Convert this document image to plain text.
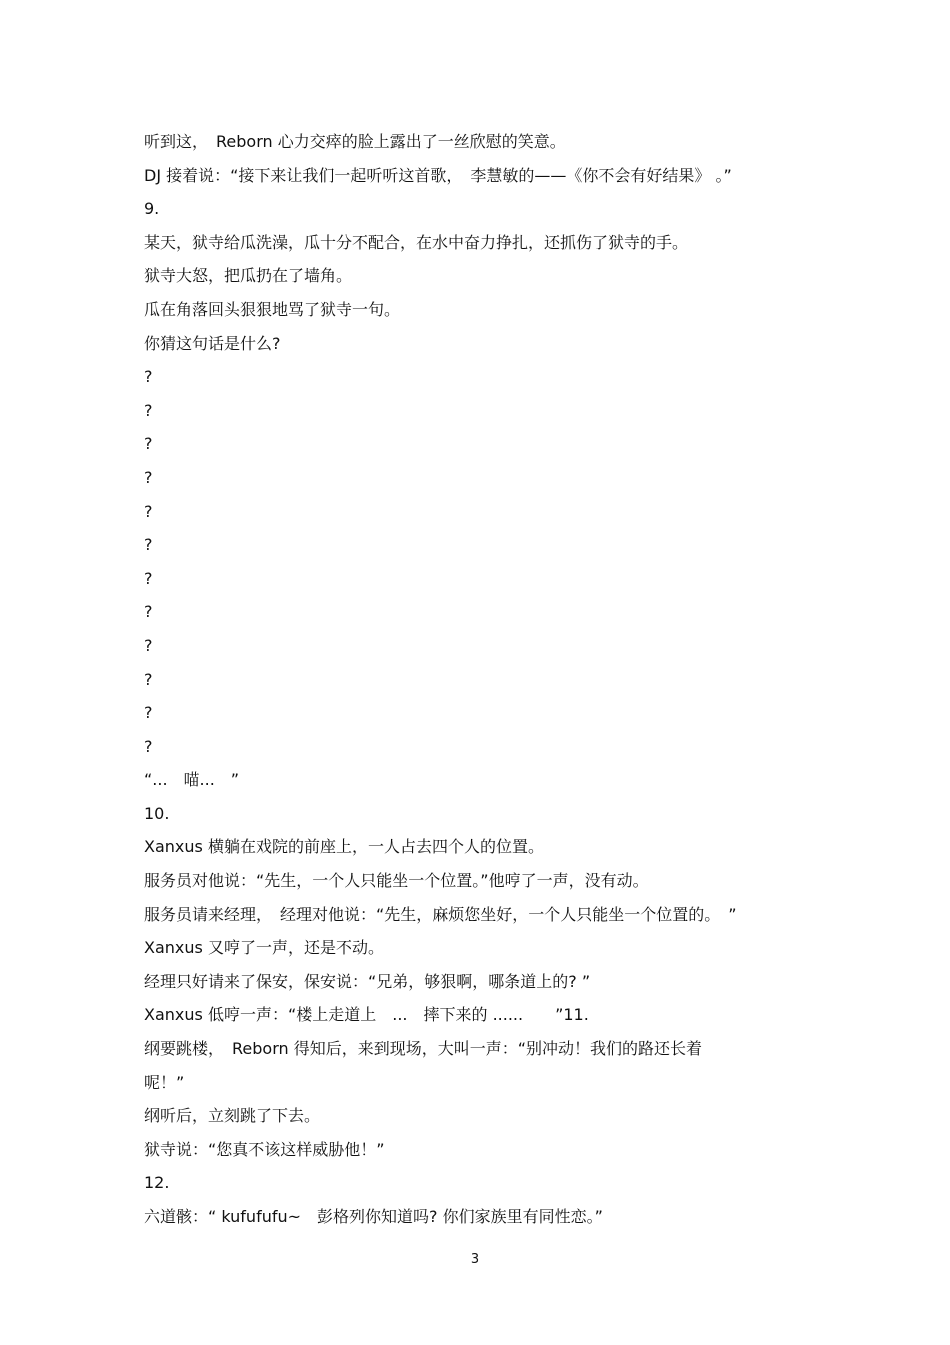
听到这，　Reborn 心力交瘁的脸上露出了一丝欣慰的笑意。
DJ 接着说：“接下来让我们一起听听这首歌，　李慧敏的——《你不会有好结果》 。”
9.
某天，狱寺给瓜洗澡，瓜十分不配合，在水中奋力挣扎，还抓伤了狱寺的手。
狱寺大怒，把瓜扔在了墙角。
瓜在角落回头狠狠地骂了狱寺一句。
你猜这句话是什么?
?
?
?
?
?
?
?
?
?
?
?
?
“...　喵...　”
10.
Xanxus 横躺在戏院的前座上，一人占去四个人的位置。
服务员对他说：“先生，一个人只能坐一个位置。”他哼了一声，没有动。
服务员请来经理，　经理对他说：“先生，麻烦您坐好，一个人只能坐一个位置的。　”
Xanxus 又哼了一声，还是不动。
经理只好请来了保安，保安说：“兄弟，够狠啊，哪条道上的? ”
Xanxus 低哼一声：“楼上走道上　...　摔下来的 ......　　”11.
纲要跳楼，　Reborn 得知后，来到现场，大叫一声：“别冲动！我们的路还长着
呢！”
纲听后，立刻跳了下去。
狱寺说：“您真不该这样威胁他！”
12.
六道骸：“ kufufufu~　彭格列你知道吗? 你们家族里有同性恋。”
3
